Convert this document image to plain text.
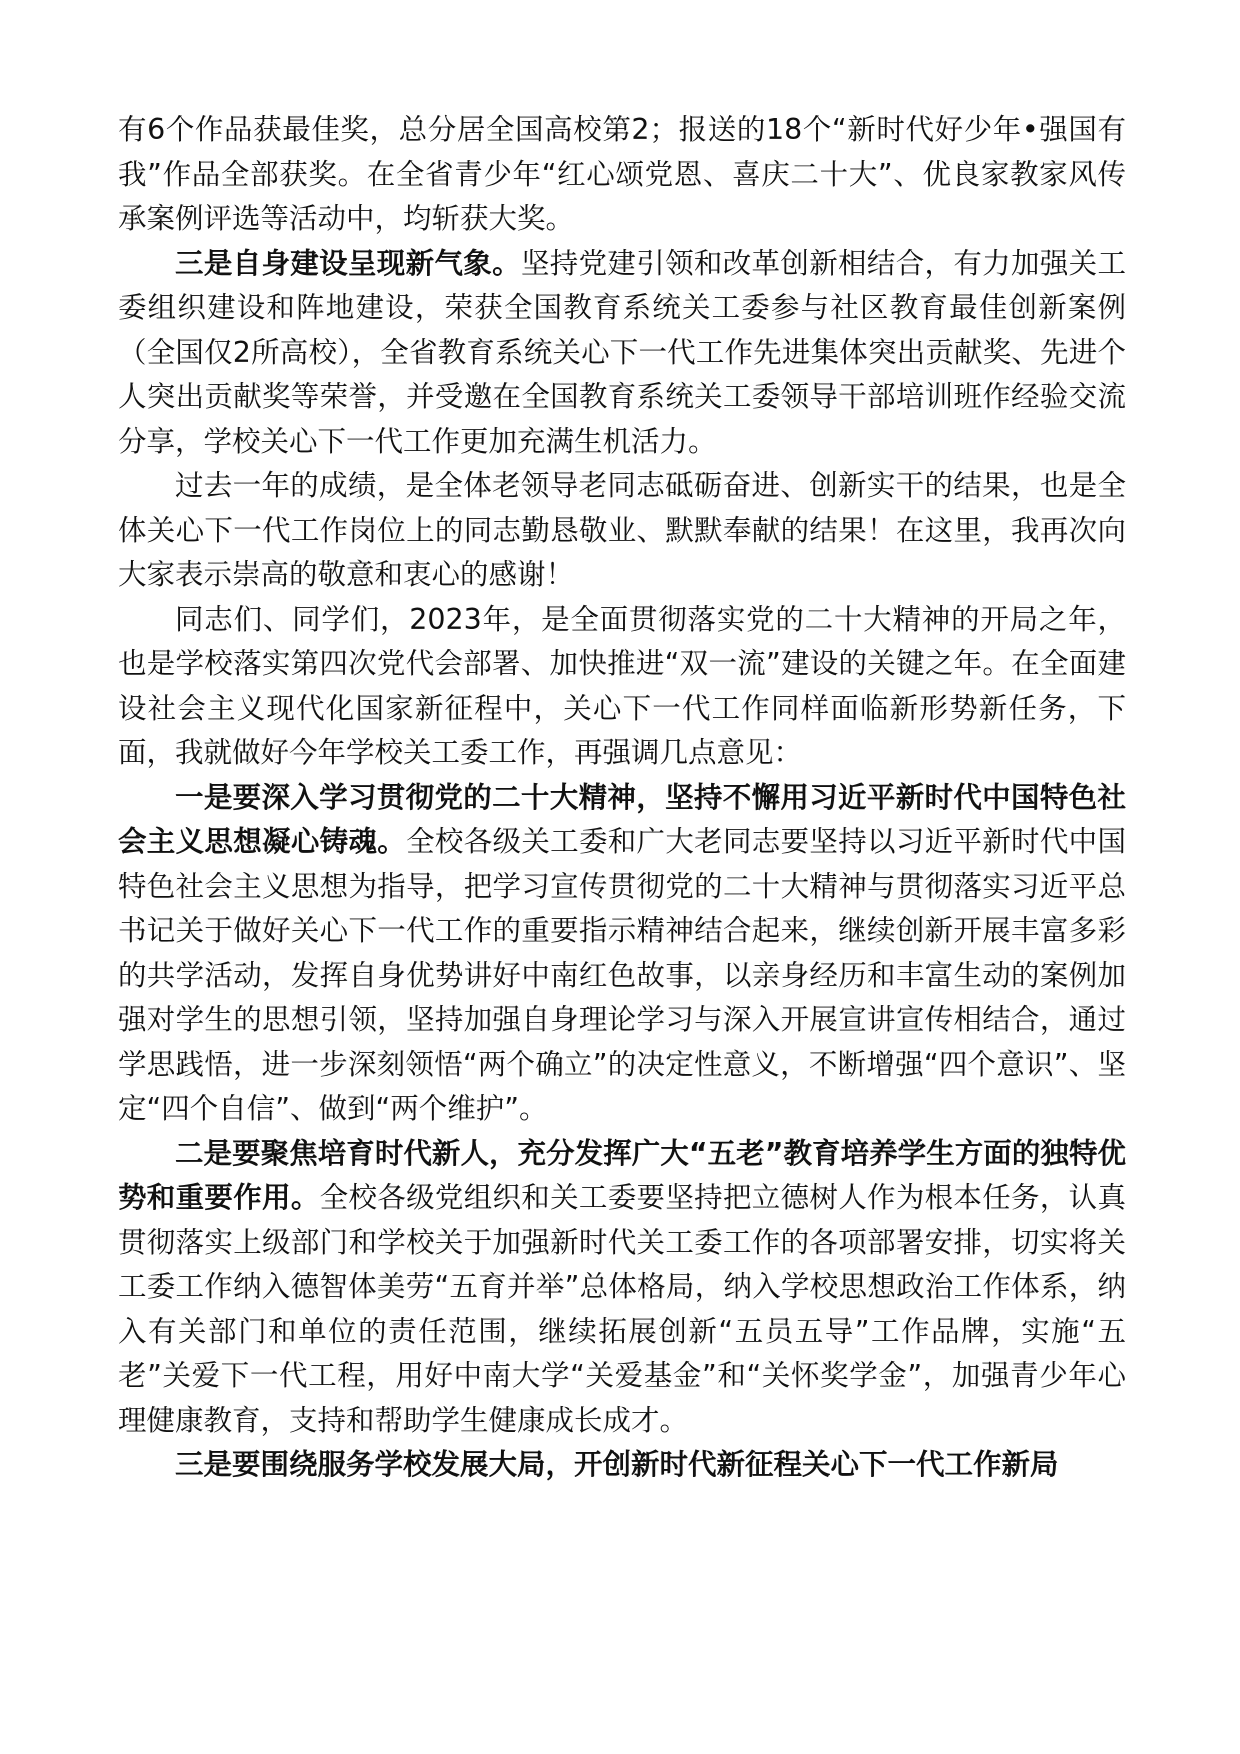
有6个作品获最佳奖，总分居全国高校第2；报送的18个“新时代好少年•强国有我”作品全部获奖。在全省青少年“红心颂党恩、喜庆二十大”、优良家教家风传承案例评选等活动中，均斩获大奖。

三是自身建设呈现新气象。坚持党建引领和改革创新相结合，有力加强关工委组织建设和阵地建设，荣获全国教育系统关工委参与社区教育最佳创新案例（全国仅2所高校），全省教育系统关心下一代工作先进集体突出贡献奖、先进个人突出贡献奖等荣誉，并受邀在全国教育系统关工委领导干部培训班作经验交流分享，学校关心下一代工作更加充满生机活力。

过去一年的成绩，是全体老领导老同志砥砺奋进、创新实干的结果，也是全体关心下一代工作岗位上的同志勤恳敬业、默默奉献的结果！在这里，我再次向大家表示崇高的敬意和衷心的感谢！

同志们、同学们，2023年，是全面贯彻落实党的二十大精神的开局之年，也是学校落实第四次党代会部署、加快推进“双一流”建设的关键之年。在全面建设社会主义现代化国家新征程中，关心下一代工作同样面临新形势新任务，下面，我就做好今年学校关工委工作，再强调几点意见：

一是要深入学习贯彻党的二十大精神，坚持不懈用习近平新时代中国特色社会主义思想凝心铸魂。全校各级关工委和广大老同志要坚持以习近平新时代中国特色社会主义思想为指导，把学习宣传贯彻党的二十大精神与贯彻落实习近平总书记关于做好关心下一代工作的重要指示精神结合起来，继续创新开展丰富多彩的共学活动，发挥自身优势讲好中南红色故事，以亲身经历和丰富生动的案例加强对学生的思想引领，坚持加强自身理论学习与深入开展宣讲宣传相结合，通过学思践悟，进一步深刻领悟“两个确立”的决定性意义，不断增强“四个意识”、坚定“四个自信”、做到“两个维护”。

二是要聚焦培育时代新人，充分发挥广大“五老”教育培养学生方面的独特优势和重要作用。全校各级党组织和关工委要坚持把立德树人作为根本任务，认真贯彻落实上级部门和学校关于加强新时代关工委工作的各项部署安排，切实将关工委工作纳入德智体美劳“五育并举”总体格局，纳入学校思想政治工作体系，纳入有关部门和单位的责任范围，继续拓展创新“五员五导”工作品牌，实施“五老”关爱下一代工程，用好中南大学“关爱基金”和“关怀奖学金”，加强青少年心理健康教育，支持和帮助学生健康成长成才。

三是要围绕服务学校发展大局，开创新时代新征程关心下一代工作新局
